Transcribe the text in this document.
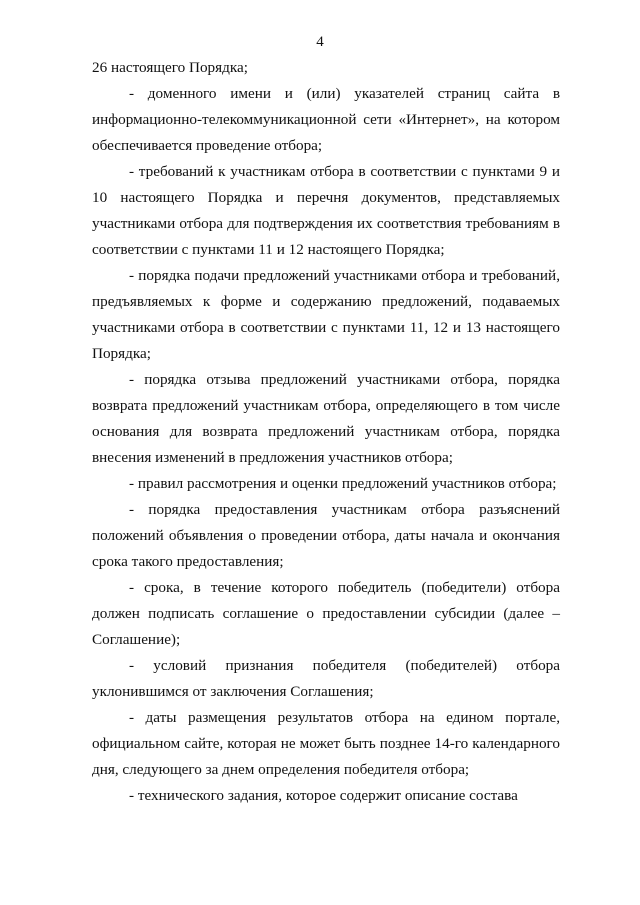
4

26 настоящего Порядка;

- доменного имени и (или) указателей страниц сайта в информационно-телекоммуникационной сети «Интернет», на котором обеспечивается проведение отбора;

- требований к участникам отбора в соответствии с пунктами 9 и 10 настоящего Порядка и перечня документов, представляемых участниками отбора для подтверждения их соответствия требованиям в соответствии с пунктами 11 и 12 настоящего Порядка;

- порядка подачи предложений участниками отбора и требований, предъявляемых к форме и содержанию предложений, подаваемых участниками отбора в соответствии с пунктами 11, 12 и 13 настоящего Порядка;

- порядка отзыва предложений участниками отбора, порядка возврата предложений участникам отбора, определяющего в том числе основания для возврата предложений участникам отбора, порядка внесения изменений в предложения участников отбора;

- правил рассмотрения и оценки предложений участников отбора;

- порядка предоставления участникам отбора разъяснений положений объявления о проведении отбора, даты начала и окончания срока такого предоставления;

- срока, в течение которого победитель (победители) отбора должен подписать соглашение о предоставлении субсидии (далее – Соглашение);

- условий признания победителя (победителей) отбора уклонившимся от заключения Соглашения;

- даты размещения результатов отбора на едином портале, официальном сайте, которая не может быть позднее 14-го календарного дня, следующего за днем определения победителя отбора;

- технического задания, которое содержит описание состава
